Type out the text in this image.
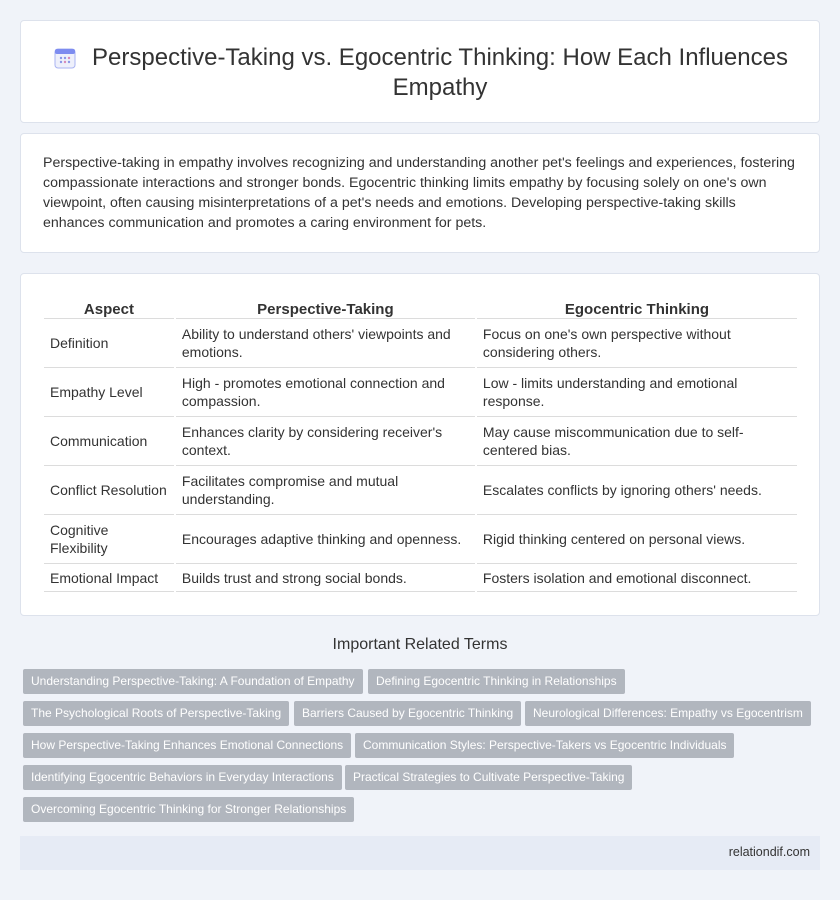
Perspective-Taking vs. Egocentric Thinking: How Each Influences Empathy

Perspective-taking in empathy involves recognizing and understanding another pet's feelings and experiences, fostering compassionate interactions and stronger bonds. Egocentric thinking limits empathy by focusing solely on one's own viewpoint, often causing misinterpretations of a pet's needs and emotions. Developing perspective-taking skills enhances communication and promotes a caring environment for pets.

Aspect	Perspective-Taking	Egocentric Thinking
Definition	Ability to understand others' viewpoints and emotions.	Focus on one's own perspective without considering others.
Empathy Level	High - promotes emotional connection and compassion.	Low - limits understanding and emotional response.
Communication	Enhances clarity by considering receiver's context.	May cause miscommunication due to self-centered bias.
Conflict Resolution	Facilitates compromise and mutual understanding.	Escalates conflicts by ignoring others' needs.
Cognitive Flexibility	Encourages adaptive thinking and openness.	Rigid thinking centered on personal views.
Emotional Impact	Builds trust and strong social bonds.	Fosters isolation and emotional disconnect.
Important Related Terms
Understanding Perspective-Taking: A Foundation of Empathy	Defining Egocentric Thinking in Relationships
The Psychological Roots of Perspective-Taking	Barriers Caused by Egocentric Thinking	Neurological Differences: Empathy vs Egocentrism
How Perspective-Taking Enhances Emotional Connections	Communication Styles: Perspective-Takers vs Egocentric Individuals
Identifying Egocentric Behaviors in Everyday Interactions	Practical Strategies to Cultivate Perspective-Taking
Overcoming Egocentric Thinking for Stronger Relationships
relationdif.com
